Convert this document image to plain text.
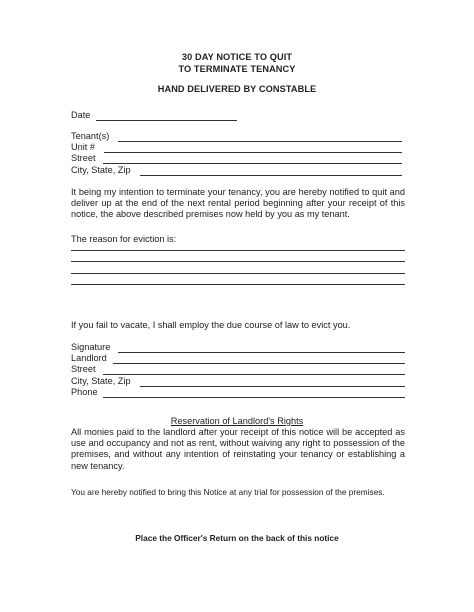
30 DAY NOTICE TO QUIT
TO TERMINATE TENANCY
HAND DELIVERED BY CONSTABLE
Date
Tenant(s)
Unit #
Street
City, State, Zip
It being my intention to terminate your tenancy, you are hereby notified to quit and deliver up at the end of the next rental period beginning after your receipt of this notice, the above described premises now held by you as my tenant.
The reason for eviction is:
If you fail to vacate, I shall employ the due course of law to evict you.
Signature
Landlord
Street
City, State, Zip
Phone
Reservation of Landlord's Rights
All monies paid to the landlord after your receipt of this notice will be accepted as use and occupancy and not as rent, without waiving any right to possession of the premises, and without any intention of reinstating your tenancy or establishing a new tenancy.
You are hereby notified to bring this Notice at any trial for possession of the premises.
Place the Officer's Return on the back of this notice
